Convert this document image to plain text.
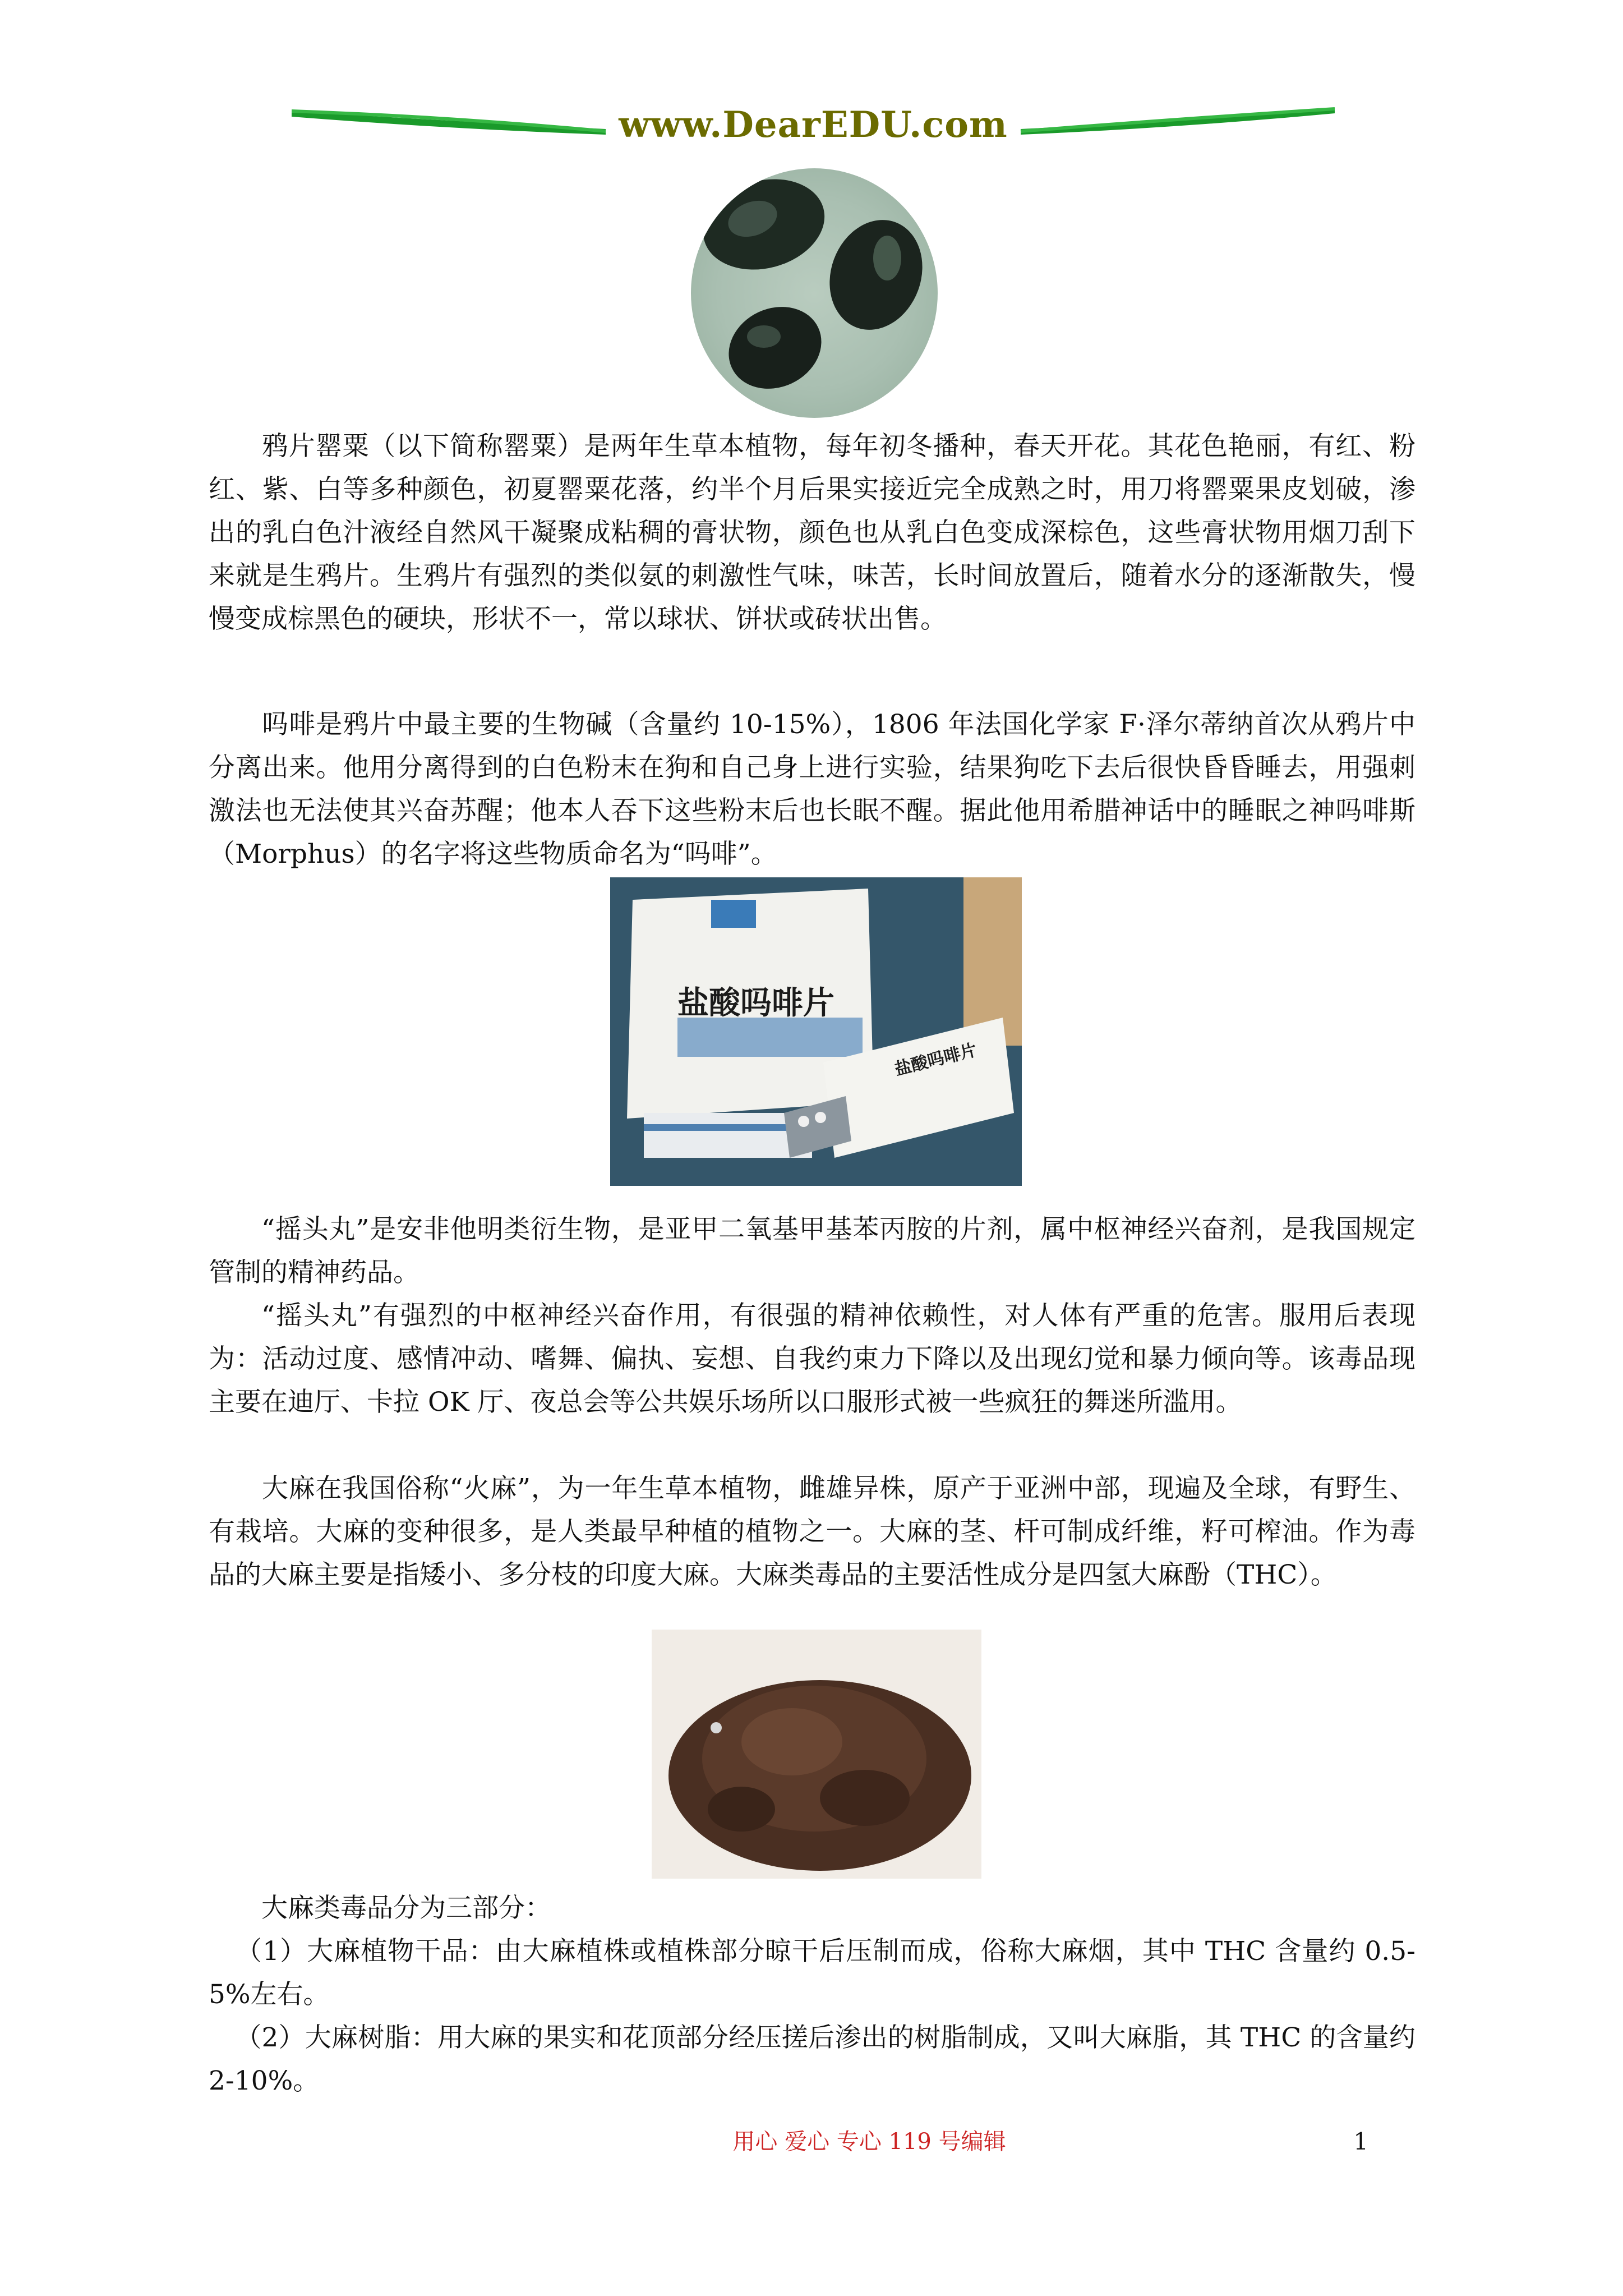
www.DearEDU.com

鸦片罂粟（以下简称罂粟）是两年生草本植物，每年初冬播种，春天开花。其花色艳丽，有红、粉红、紫、白等多种颜色，初夏罂粟花落，约半个月后果实接近完全成熟之时，用刀将罂粟果皮划破，渗出的乳白色汁液经自然风干凝聚成粘稠的膏状物，颜色也从乳白色变成深棕色，这些膏状物用烟刀刮下来就是生鸦片。生鸦片有强烈的类似氨的刺激性气味，味苦，长时间放置后，随着水分的逐渐散失，慢慢变成棕黑色的硬块，形状不一，常以球状、饼状或砖状出售。

吗啡是鸦片中最主要的生物碱（含量约 10-15%），1806 年法国化学家 F·泽尔蒂纳首次从鸦片中分离出来。他用分离得到的白色粉末在狗和自己身上进行实验，结果狗吃下去后很快昏昏睡去，用强刺激法也无法使其兴奋苏醒；他本人吞下这些粉末后也长眠不醒。据此他用希腊神话中的睡眠之神吗啡斯（Morphus）的名字将这些物质命名为“吗啡”。

盐酸吗啡片
盐酸吗啡片

“摇头丸”是安非他明类衍生物，是亚甲二氧基甲基苯丙胺的片剂，属中枢神经兴奋剂，是我国规定管制的精神药品。

“摇头丸”有强烈的中枢神经兴奋作用，有很强的精神依赖性，对人体有严重的危害。服用后表现为：活动过度、感情冲动、嗜舞、偏执、妄想、自我约束力下降以及出现幻觉和暴力倾向等。该毒品现主要在迪厅、卡拉 OK 厅、夜总会等公共娱乐场所以口服形式被一些疯狂的舞迷所滥用。

大麻在我国俗称“火麻”，为一年生草本植物，雌雄异株，原产于亚洲中部，现遍及全球，有野生、有栽培。大麻的变种很多，是人类最早种植的植物之一。大麻的茎、杆可制成纤维，籽可榨油。作为毒品的大麻主要是指矮小、多分枝的印度大麻。大麻类毒品的主要活性成分是四氢大麻酚（THC）。

大麻类毒品分为三部分：

（1）大麻植物干品：由大麻植株或植株部分晾干后压制而成，俗称大麻烟，其中 THC 含量约 0.5-5%左右。

（2）大麻树脂：用大麻的果实和花顶部分经压搓后渗出的树脂制成，又叫大麻脂，其 THC 的含量约 2-10%。

用心 爱心 专心 119 号编辑	1
